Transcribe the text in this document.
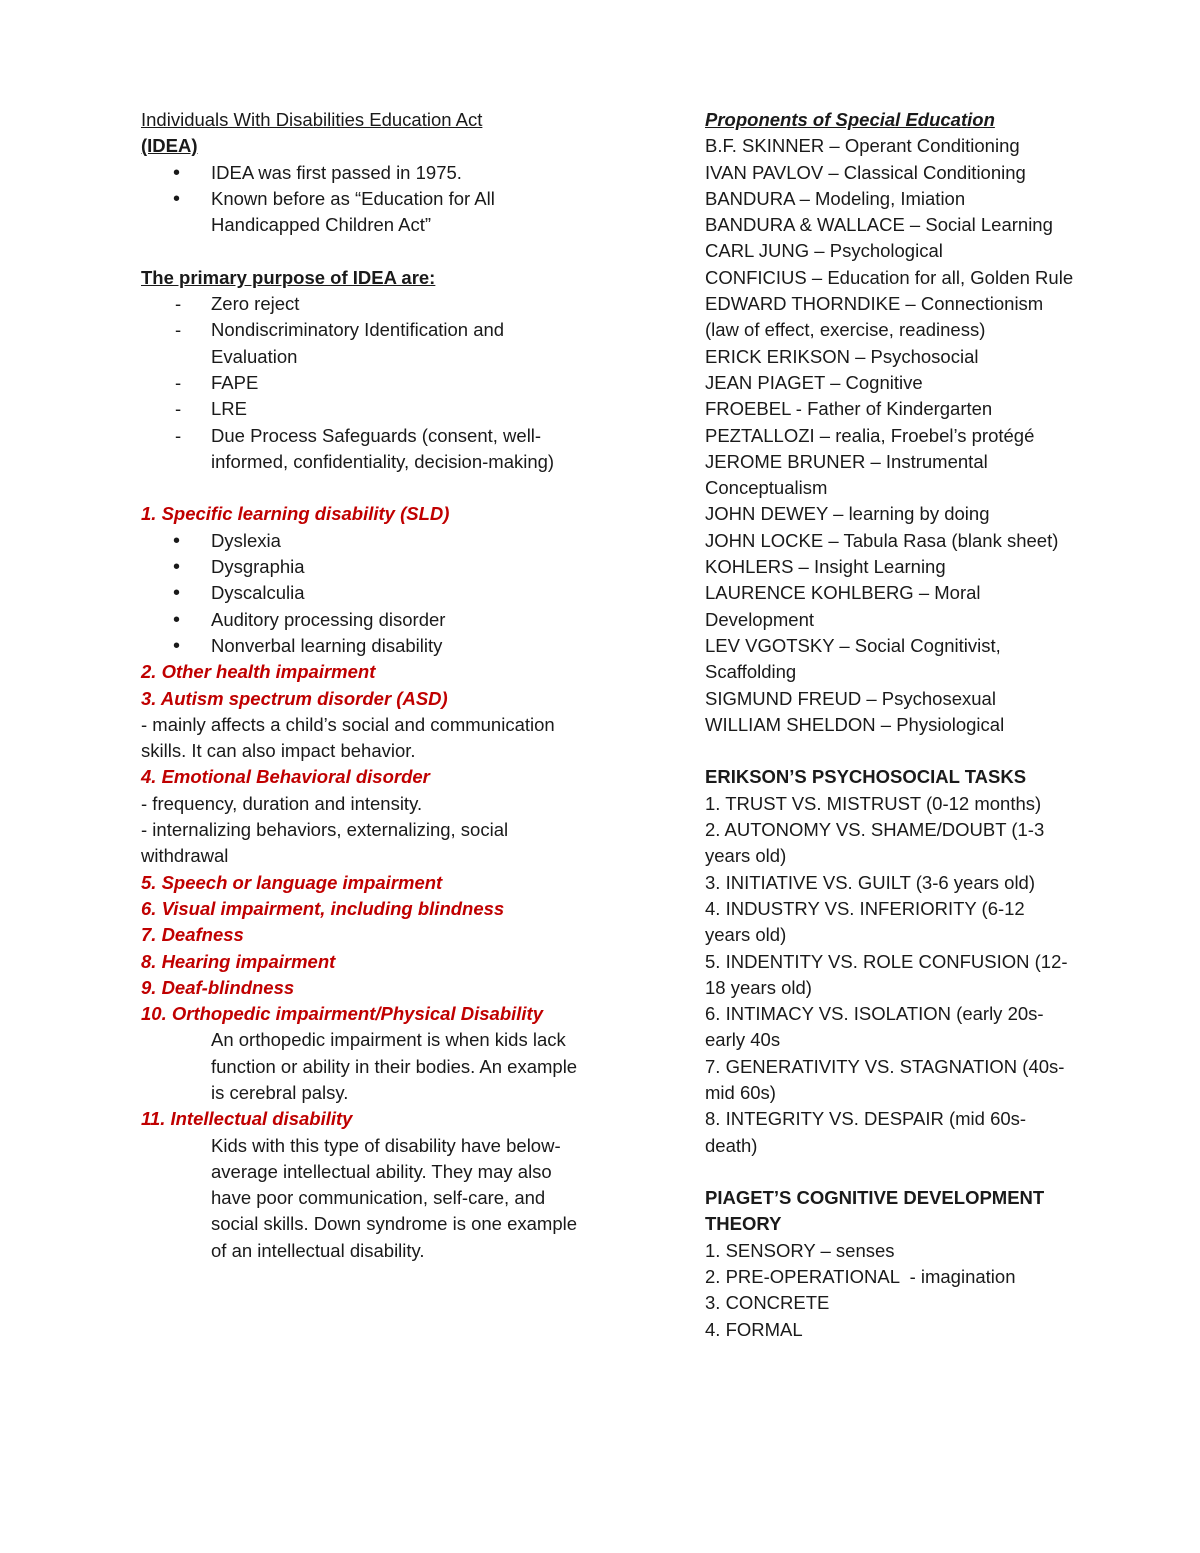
Individuals With Disabilities Education Act
(IDEA)
• IDEA was first passed in 1975.
• Known before as “Education for All Handicapped Children Act”
The primary purpose of IDEA are:
- Zero reject
- Nondiscriminatory Identification and Evaluation
- FAPE
- LRE
- Due Process Safeguards (consent, well-informed, confidentiality, decision-making)
1. Specific learning disability (SLD)
• Dyslexia
• Dysgraphia
• Dyscalculia
• Auditory processing disorder
• Nonverbal learning disability
2. Other health impairment
3. Autism spectrum disorder (ASD)
- mainly affects a child’s social and communication skills. It can also impact behavior.
4. Emotional Behavioral disorder
- frequency, duration and intensity.
- internalizing behaviors, externalizing, social withdrawal
5. Speech or language impairment
6. Visual impairment, including blindness
7. Deafness
8. Hearing impairment
9. Deaf-blindness
10. Orthopedic impairment/Physical Disability
An orthopedic impairment is when kids lack function or ability in their bodies. An example is cerebral palsy.
11. Intellectual disability
Kids with this type of disability have below-average intellectual ability. They may also have poor communication, self-care, and social skills. Down syndrome is one example of an intellectual disability.
Proponents of Special Education
B.F. SKINNER – Operant Conditioning
IVAN PAVLOV – Classical Conditioning
BANDURA – Modeling, Imiation
BANDURA & WALLACE – Social Learning
CARL JUNG – Psychological
CONFICIUS – Education for all, Golden Rule
EDWARD THORNDIKE – Connectionism (law of effect, exercise, readiness)
ERICK ERIKSON – Psychosocial
JEAN PIAGET – Cognitive
FROEBEL - Father of Kindergarten
PEZTALLOZI – realia, Froebel’s protégé
JEROME BRUNER – Instrumental Conceptualism
JOHN DEWEY – learning by doing
JOHN LOCKE – Tabula Rasa (blank sheet)
KOHLERS – Insight Learning
LAURENCE KOHLBERG – Moral Development
LEV VGOTSKY – Social Cognitivist, Scaffolding
SIGMUND FREUD – Psychosexual
WILLIAM SHELDON – Physiological
ERIKSON’S PSYCHOSOCIAL TASKS
1. TRUST VS. MISTRUST (0-12 months)
2. AUTONOMY VS. SHAME/DOUBT (1-3 years old)
3. INITIATIVE VS. GUILT (3-6 years old)
4. INDUSTRY VS. INFERIORITY (6-12 years old)
5. INDENTITY VS. ROLE CONFUSION (12-18 years old)
6. INTIMACY VS. ISOLATION (early 20s-early 40s
7. GENERATIVITY VS. STAGNATION (40s-mid 60s)
8. INTEGRITY VS. DESPAIR (mid 60s-death)
PIAGET’S COGNITIVE DEVELOPMENT THEORY
1. SENSORY – senses
2. PRE-OPERATIONAL  - imagination
3. CONCRETE
4. FORMAL
